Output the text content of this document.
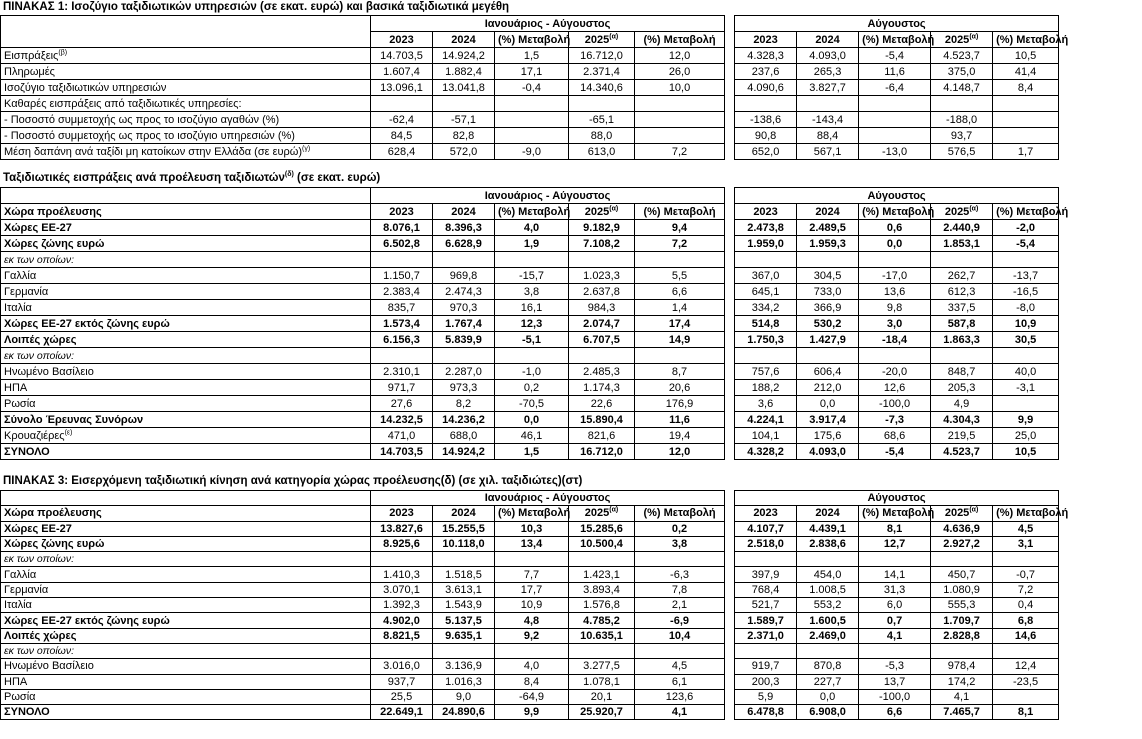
ΠΙΝΑΚΑΣ 1: Ισοζύγιο ταξιδιωτικών υπηρεσιών (σε εκατ. ευρώ) και βασικά ταξιδιωτικά μεγέθη
	Ιανουάριος - Αύγουστος						Αύγουστος				
	2023	2024	(%) Μεταβολή	$2025^{(\alpha)}$	(%) Μεταβολή		2023	2024	(%) Μεταβολή	$2025^{(\alpha)}$	(%) Μεταβολή
Εισπράξεις$^{(\beta)}$	14.703,5	14.924,2	1,5	16.712,0	12,0		4.328,3	4.093,0	-5,4	4.523,7	10,5
Πληρωμές	1.607,4	1.882,4	17,1	2.371,4	26,0		237,6	265,3	11,6	375,0	41,4
Ισοζύγιο ταξιδιωτικών υπηρεσιών	13.096,1	13.041,8	-0,4	14.340,6	10,0		4.090,6	3.827,7	-6,4	4.148,7	8,4
Καθαρές εισπράξεις από ταξιδιωτικές υπηρεσίες:											
- Ποσοστό συμμετοχής ως προς το ισοζύγιο αγαθών (%)	-62,4	-57,1		-65,1			-138,6	-143,4		-188,0	
- Ποσοστό συμμετοχής ως προς το ισοζύγιο υπηρεσιών (%)	84,5	82,8		88,0			90,8	88,4		93,7	
Μέση δαπάνη ανά ταξίδι μη κατοίκων στην Ελλάδα (σε ευρώ)$^{(\gamma)}$	628,4	572,0	-9,0	613,0	7,2		652,0	567,1	-13,0	576,5	1,7
Ταξιδιωτικές εισπράξεις ανά προέλευση ταξιδιωτών$^{(\delta)}$ (σε εκατ. ευρώ)
	Ιανουάριος - Αύγουστος						Αύγουστος				
Χώρα προέλευσης	2023	2024	(%) Μεταβολή	$2025^{(\alpha)}$	(%) Μεταβολή		2023	2024	(%) Μεταβολή	$2025^{(\alpha)}$	(%) Μεταβολή
Χώρες ΕΕ-27	8.076,1	8.396,3	4,0	9.182,9	9,4		2.473,8	2.489,5	0,6	2.440,9	-2,0
Χώρες ζώνης ευρώ	6.502,8	6.628,9	1,9	7.108,2	7,2		1.959,0	1.959,3	0,0	1.853,1	-5,4
εκ των οποίων:											
Γαλλία	1.150,7	969,8	-15,7	1.023,3	5,5		367,0	304,5	-17,0	262,7	-13,7
Γερμανία	2.383,4	2.474,3	3,8	2.637,8	6,6		645,1	733,0	13,6	612,3	-16,5
Ιταλία	835,7	970,3	16,1	984,3	1,4		334,2	366,9	9,8	337,5	-8,0
Χώρες ΕΕ-27 εκτός ζώνης ευρώ	1.573,4	1.767,4	12,3	2.074,7	17,4		514,8	530,2	3,0	587,8	10,9
Λοιπές χώρες	6.156,3	5.839,9	-5,1	6.707,5	14,9		1.750,3	1.427,9	-18,4	1.863,3	30,5
εκ των οποίων:											
Ηνωμένο Βασίλειο	2.310,1	2.287,0	-1,0	2.485,3	8,7		757,6	606,4	-20,0	848,7	40,0
ΗΠΑ	971,7	973,3	0,2	1.174,3	20,6		188,2	212,0	12,6	205,3	-3,1
Ρωσία	27,6	8,2	-70,5	22,6	176,9		3,6	0,0	-100,0	4,9	
Σύνολο Έρευνας Συνόρων	14.232,5	14.236,2	0,0	15.890,4	11,6		4.224,1	3.917,4	-7,3	4.304,3	9,9
Κρουαζιέρες$^{(\varepsilon)}$	471,0	688,0	46,1	821,6	19,4		104,1	175,6	68,6	219,5	25,0
ΣΥΝΟΛΟ	14.703,5	14.924,2	1,5	16.712,0	12,0		4.328,2	4.093,0	-5,4	4.523,7	10,5
ΠΙΝΑΚΑΣ 3: Εισερχόμενη ταξιδιωτική κίνηση ανά κατηγορία χώρας προέλευσης(δ) (σε χιλ. ταξιδιώτες)(στ)
	Ιανουάριος - Αύγουστος						Αύγουστος				
Χώρα προέλευσης	2023	2024	(%) Μεταβολή	$2025^{(\alpha)}$	(%) Μεταβολή		2023	2024	(%) Μεταβολή	$2025^{(\alpha)}$	(%) Μεταβολή
Χώρες ΕΕ-27	13.827,6	15.255,5	10,3	15.285,6	0,2		4.107,7	4.439,1	8,1	4.636,9	4,5
Χώρες ζώνης ευρώ	8.925,6	10.118,0	13,4	10.500,4	3,8		2.518,0	2.838,6	12,7	2.927,2	3,1
εκ των οποίων:											
Γαλλία	1.410,3	1.518,5	7,7	1.423,1	-6,3		397,9	454,0	14,1	450,7	-0,7
Γερμανία	3.070,1	3.613,1	17,7	3.893,4	7,8		768,4	1.008,5	31,3	1.080,9	7,2
Ιταλία	1.392,3	1.543,9	10,9	1.576,8	2,1		521,7	553,2	6,0	555,3	0,4
Χώρες ΕΕ-27 εκτός ζώνης ευρώ	4.902,0	5.137,5	4,8	4.785,2	-6,9		1.589,7	1.600,5	0,7	1.709,7	6,8
Λοιπές χώρες	8.821,5	9.635,1	9,2	10.635,1	10,4		2.371,0	2.469,0	4,1	2.828,8	14,6
εκ των οποίων:											
Ηνωμένο Βασίλειο	3.016,0	3.136,9	4,0	3.277,5	4,5		919,7	870,8	-5,3	978,4	12,4
ΗΠΑ	937,7	1.016,3	8,4	1.078,1	6,1		200,3	227,7	13,7	174,2	-23,5
Ρωσία	25,5	9,0	-64,9	20,1	123,6		5,9	0,0	-100,0	4,1	
ΣΥΝΟΛΟ	22.649,1	24.890,6	9,9	25.920,7	4,1		6.478,8	6.908,0	6,6	7.465,7	8,1
